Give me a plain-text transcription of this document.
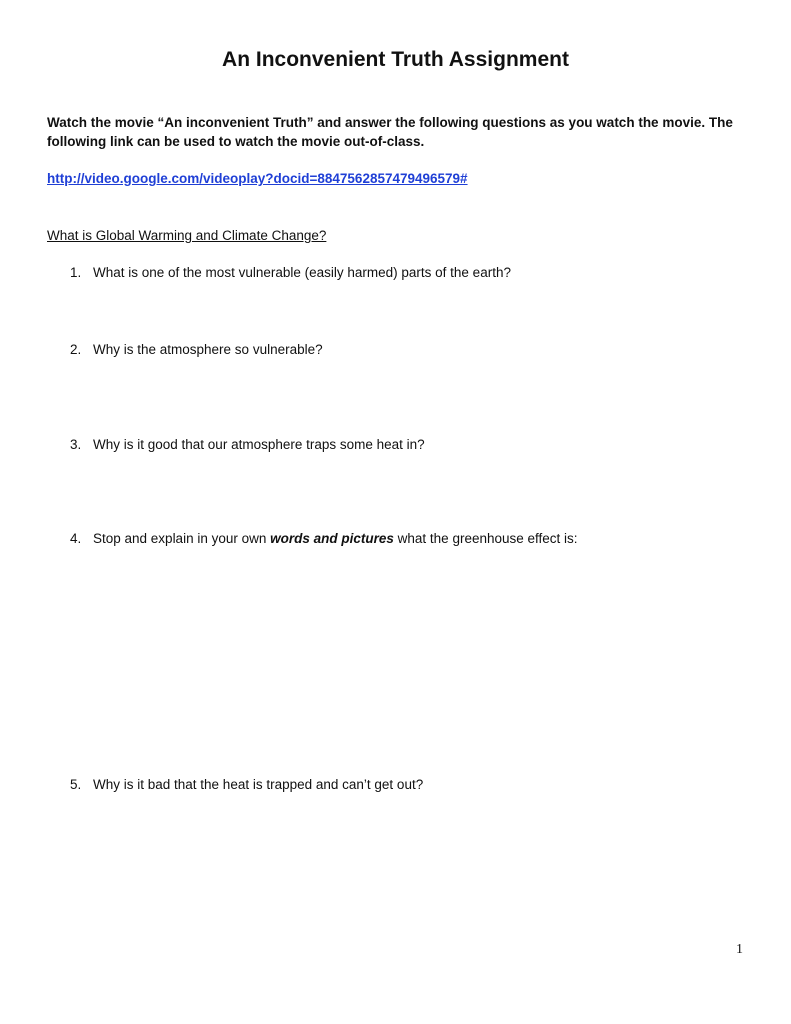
An Inconvenient Truth Assignment

Watch the movie “An inconvenient Truth” and answer the following questions as you watch the movie. The following link can be used to watch the movie out-of-class.

http://video.google.com/videoplay?docid=8847562857479496579#

What is Global Warming and Climate Change?

1. What is one of the most vulnerable (easily harmed) parts of the earth?
2. Why is the atmosphere so vulnerable?
3. Why is it good that our atmosphere traps some heat in?
4. Stop and explain in your own words and pictures what the greenhouse effect is:
5. Why is it bad that the heat is trapped and can’t get out?

1
